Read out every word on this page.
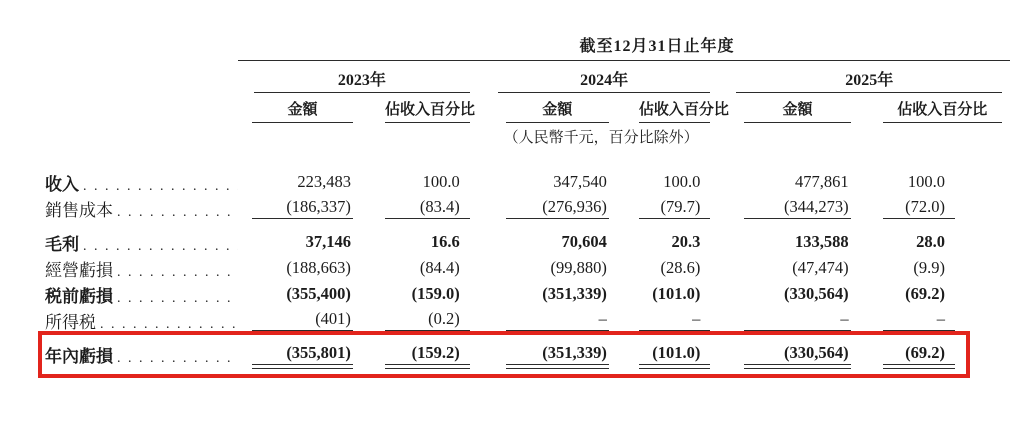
	截至12月31日止年度					

	2023年		2024年		2025年	

	金額	佔收入百分比	金額	佔收入百分比	金額	佔收入百分比

			（人民幣千元，百分比除外）			

收入
. . .	223,483	100.0	347,540	100.0	477,861	100.0

銷售成本
. . .	(186,337)	(83.4)	(276,936)	(79.7)	(344,273)	(72.0)

毛利
. . .	37,146	16.6	70,604	20.3	133,588	28.0

經營虧損
. . .	(188,663)	(84.4)	(99,880)	(28.6)	(47,474)	(9.9)

税前虧損
. . .	(355,400)	(159.0)	(351,339)	(101.0)	(330,564)	(69.2)

所得税
. . .	(401)	(0.2)	–	–	–	–

年內虧損
. . .	(355,801)	(159.2)	(351,339)	(101.0)	(330,564)	(69.2)
